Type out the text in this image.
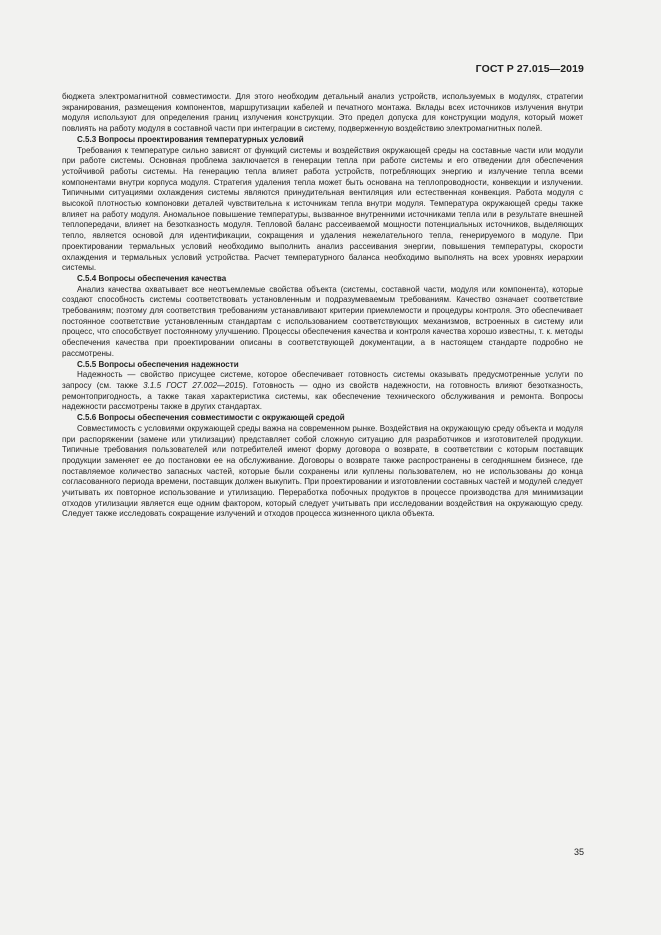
ГОСТ Р 27.015—2019

бюджета электромагнитной совместимости. Для этого необходим детальный анализ устройств, используемых в модулях, стратегии экранирования, размещения компонентов, маршрутизации кабелей и печатного монтажа. Вклады всех источников излучения внутри модуля используют для определения границ излучения конструкции. Это предел допуска для конструкции модуля, который может повлиять на работу модуля в составной части при интеграции в систему, подверженную воздействию электромагнитных полей.

С.5.3 Вопросы проектирования температурных условий

Требования к температуре сильно зависят от функций системы и воздействия окружающей среды на составные части или модули при работе системы. Основная проблема заключается в генерации тепла при работе системы и его отведении для обеспечения устойчивой работы системы. На генерацию тепла влияет работа устройств, потребляющих энергию и излучение тепла всеми компонентами внутри корпуса модуля. Стратегия удаления тепла может быть основана на теплопроводности, конвекции и излучении. Типичными ситуациями охлаждения системы являются принудительная вентиляция или естественная конвекция. Работа модуля с высокой плотностью компоновки деталей чувствительна к источникам тепла внутри модуля. Температура окружающей среды также влияет на работу модуля. Аномальное повышение температуры, вызванное внутренними источниками тепла или в результате внешней теплопередачи, влияет на безотказность модуля. Тепловой баланс рассеиваемой мощности потенциальных источников, выделяющих тепло, является основой для идентификации, сокращения и удаления нежелательного тепла, генерируемого в модуле. При проектировании термальных условий необходимо выполнить анализ рассеивания энергии, повышения температуры, скорости охлаждения и термальных условий устройства. Расчет температурного баланса необходимо выполнять на всех уровнях иерархии системы.

С.5.4 Вопросы обеспечения качества

Анализ качества охватывает все неотъемлемые свойства объекта (системы, составной части, модуля или компонента), которые создают способность системы соответствовать установленным и подразумеваемым требованиям. Качество означает соответствие требованиям; поэтому для соответствия требованиям устанавливают критерии приемлемости и процедуры контроля. Это обеспечивает постоянное соответствие установленным стандартам с использованием соответствующих механизмов, встроенных в систему или процесс, что способствует постоянному улучшению. Процессы обеспечения качества и контроля качества хорошо известны, т. к. методы обеспечения качества при проектировании описаны в соответствующей документации, а в настоящем стандарте подробно не рассмотрены.

С.5.5 Вопросы обеспечения надежности

Надежность — свойство присущее системе, которое обеспечивает готовность системы оказывать предусмотренные услуги по запросу (см. также 3.1.5 ГОСТ 27.002—2015). Готовность — одно из свойств надежности, на готовность влияют безотказность, ремонтопригодность, а также такая характеристика системы, как обеспечение технического обслуживания и ремонта. Вопросы надежности рассмотрены также в других стандартах.

С.5.6 Вопросы обеспечения совместимости с окружающей средой

Совместимость с условиями окружающей среды важна на современном рынке. Воздействия на окружающую среду объекта и модуля при распоряжении (замене или утилизации) представляет собой сложную ситуацию для разработчиков и изготовителей продукции. Типичные требования пользователей или потребителей имеют форму договора о возврате, в соответствии с которым поставщик продукции заменяет ее до постановки ее на обслуживание. Договоры о возврате также распространены в сегодняшнем бизнесе, где поставляемое количество запасных частей, которые были сохранены или куплены пользователем, но не использованы до конца согласованного периода времени, поставщик должен выкупить. При проектировании и изготовлении составных частей и модулей следует учитывать их повторное использование и утилизацию. Переработка побочных продуктов в процессе производства для минимизации отходов утилизации является еще одним фактором, который следует учитывать при исследовании воздействия на окружающую среду. Следует также исследовать сокращение излучений и отходов процесса жизненного цикла объекта.

35
